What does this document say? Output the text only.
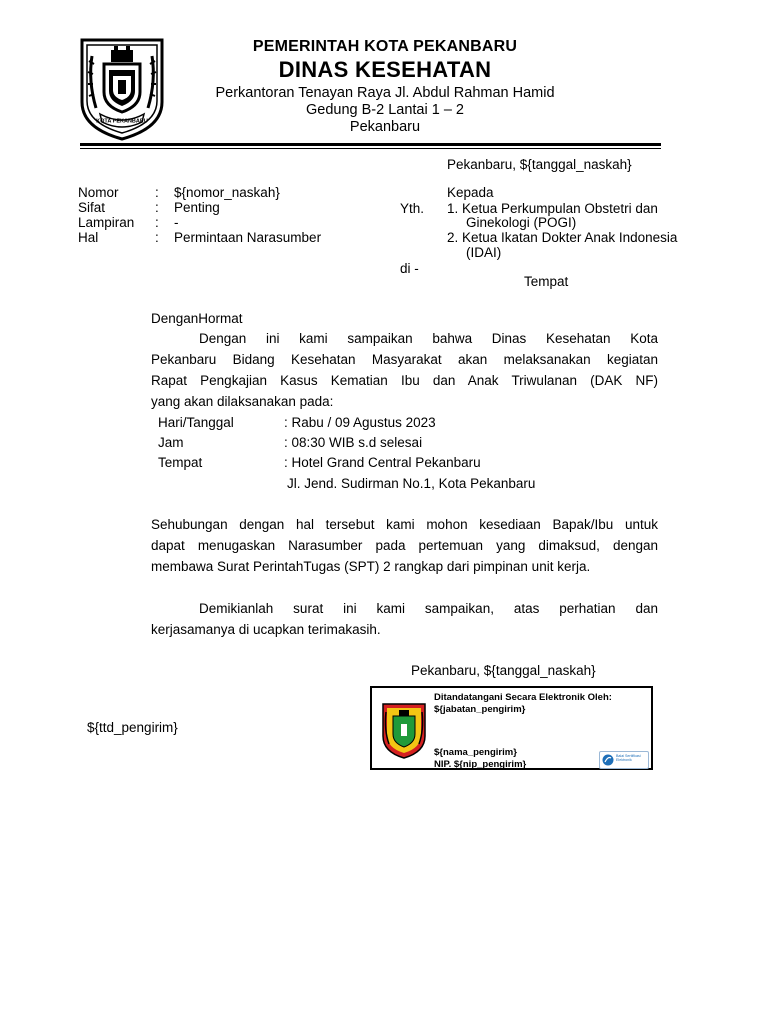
KOTA PEKANBARU
PEMERINTAH KOTA PEKANBARU
DINAS KESEHATAN
Perkantoran Tenayan Raya Jl. Abdul Rahman Hamid
Gedung B-2 Lantai 1 – 2
Pekanbaru
Pekanbaru, ${tanggal_naskah}
Nomor	: ${nomor_naskah}
Sifat	: Penting
Lampiran : -
Hal	: Permintaan Narasumber
Kepada
Yth. 1. Ketua Perkumpulan Obstetri dan
Ginekologi (POGI)
2. Ketua Ikatan Dokter Anak Indonesia
(IDAI)
di -
Tempat
DenganHormat
Dengan ini kami sampaikan bahwa Dinas Kesehatan Kota
Pekanbaru Bidang Kesehatan Masyarakat akan melaksanakan kegiatan
Rapat Pengkajian Kasus Kematian Ibu dan Anak Triwulanan (DAK NF)
yang akan dilaksanakan pada:
Hari/Tanggal	: Rabu / 09 Agustus 2023
Jam	: 08:30 WIB s.d selesai
Tempat	: Hotel Grand Central Pekanbaru
Jl. Jend. Sudirman No.1, Kota Pekanbaru
Sehubungan dengan hal tersebut kami mohon kesediaan Bapak/Ibu untuk
dapat menugaskan Narasumber pada pertemuan yang dimaksud, dengan
membawa Surat PerintahTugas (SPT) 2 rangkap dari pimpinan unit kerja.
Demikianlah surat ini kami sampaikan, atas perhatian dan
kerjasamanya di ucapkan terimakasih.
Pekanbaru, ${tanggal_naskah}
${ttd_pengirim}
Ditandatangani Secara Elektronik Oleh:
${jabatan_pengirim}
${nama_pengirim}
NIP. ${nip_pengirim}
Balai Sertifikasi Elektronik
